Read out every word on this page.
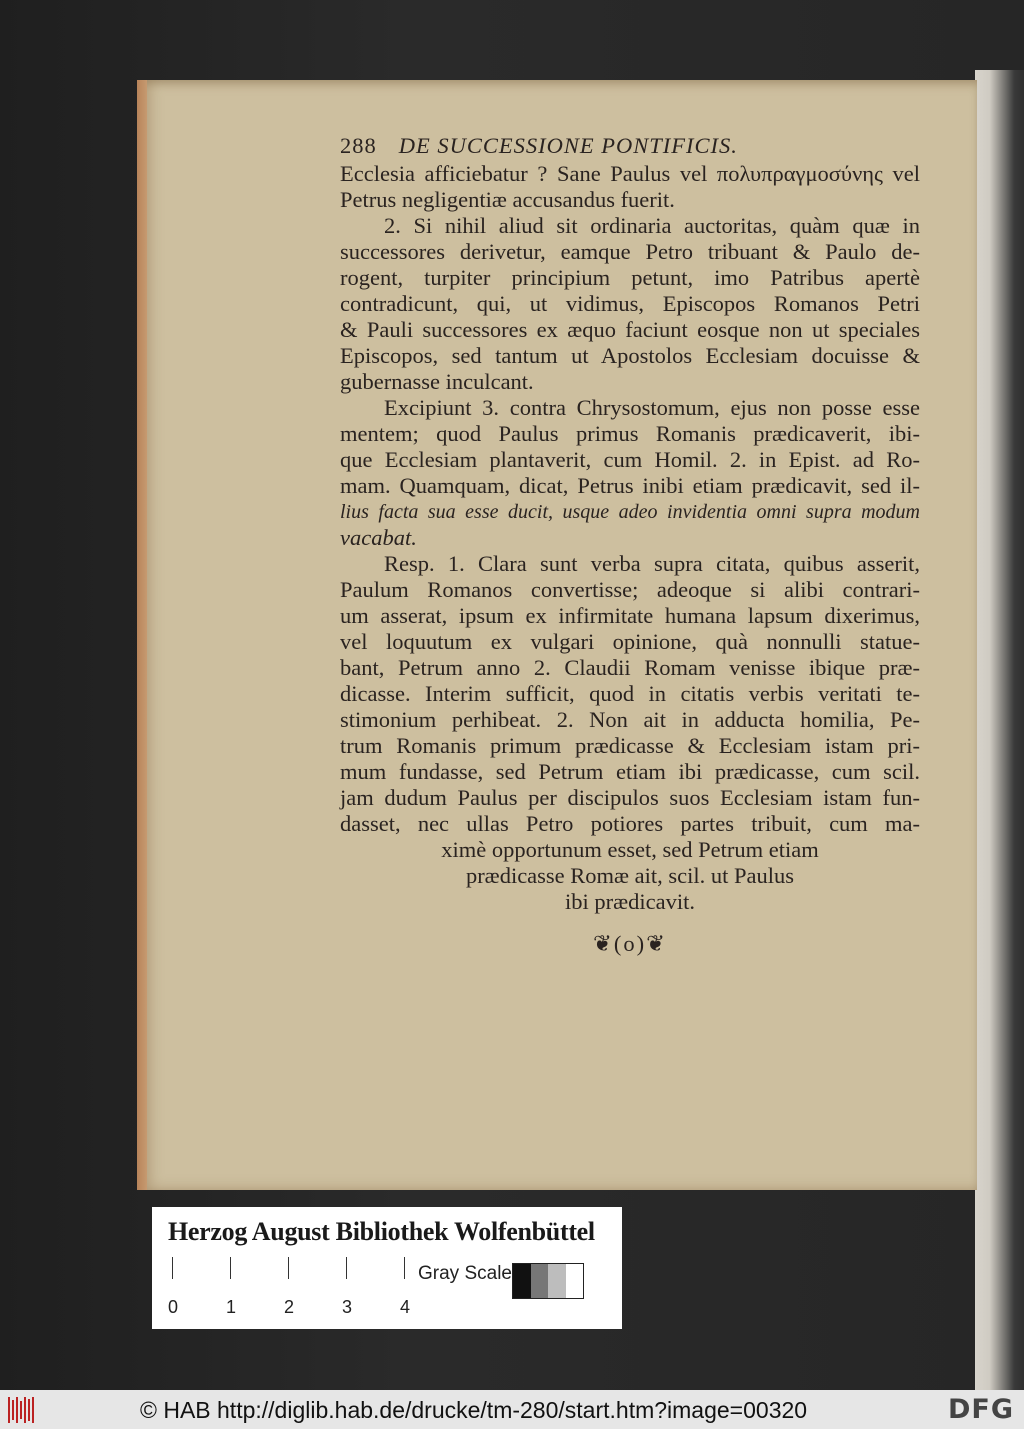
288 DE SUCCESSIONE PONTIFICIS.
Ecclesia afficiebatur ? Sane Paulus vel πολυπραγμοσύνης vel
Petrus negligentiæ accusandus fuerit.
2. Si nihil aliud sit ordinaria auctoritas, quàm quæ in
successores derivetur, eamque Petro tribuant & Paulo de-
rogent, turpiter principium petunt, imo Patribus apertè
contradicunt, qui, ut vidimus, Episcopos Romanos Petri
& Pauli successores ex æquo faciunt eosque non ut speciales
Episcopos, sed tantum ut Apostolos Ecclesiam docuisse &
gubernasse inculcant.
Excipiunt 3. contra Chrysostomum, ejus non posse esse
mentem; quod Paulus primus Romanis prædicaverit, ibi-
que Ecclesiam plantaverit, cum Homil. 2. in Epist. ad Ro-
mam. Quamquam, dicat, Petrus inibi etiam prædicavit, sed il-
lius facta sua esse ducit, usque adeo invidentia omni supra modum
vacabat.
Resp. 1. Clara sunt verba supra citata, quibus asserit,
Paulum Romanos convertisse; adeoque si alibi contrari-
um asserat, ipsum ex infirmitate humana lapsum dixerimus,
vel loquutum ex vulgari opinione, quà nonnulli statue-
bant, Petrum anno 2. Claudii Romam venisse ibique præ-
dicasse. Interim sufficit, quod in citatis verbis veritati te-
stimonium perhibeat. 2. Non ait in adducta homilia, Pe-
trum Romanis primum prædicasse & Ecclesiam istam pri-
mum fundasse, sed Petrum etiam ibi prædicasse, cum scil.
jam dudum Paulus per discipulos suos Ecclesiam istam fun-
dasset, nec ullas Petro potiores partes tribuit, cum ma-
ximè opportunum esset, sed Petrum etiam
prædicasse Romæ ait, scil. ut Paulus
ibi prædicavit.
❦(o)❦
Herzog August Bibliothek Wolfenbüttel
0	1	2	3	4
Gray Scale
© HAB http://diglib.hab.de/drucke/tm-280/start.htm?image=00320	DFG
